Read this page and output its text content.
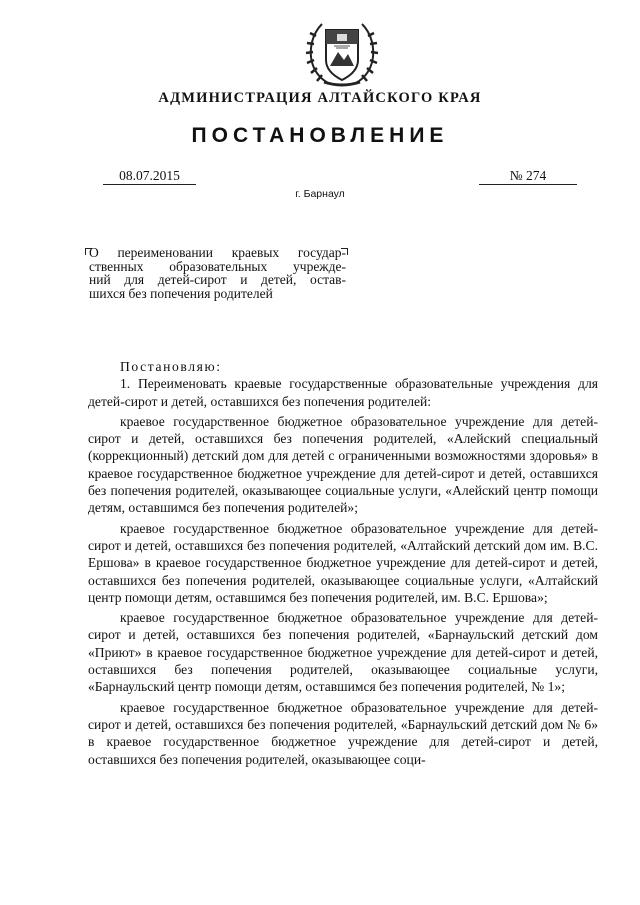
АДМИНИСТРАЦИЯ АЛТАЙСКОГО КРАЯ
ПОСТАНОВЛЕНИЕ
08.07.2015	№ 274
г. Барнаул
О переименовании краевых государ-
ственных образовательных учрежде-
ний для детей-сирот и детей, остав-
шихся без попечения родителей
Постановляю:

1. Переименовать краевые государственные образовательные учреждения для детей-сирот и детей, оставшихся без попечения родителей:

краевое государственное бюджетное образовательное учреждение для детей-сирот и детей, оставшихся без попечения родителей, «Алейский специальный (коррекционный) детский дом для детей с ограниченными возможностями здоровья» в краевое государственное бюджетное учреждение для детей-сирот и детей, оставшихся без попечения родителей, оказывающее социальные услуги, «Алейский центр помощи детям, оставшимся без попечения родителей»;

краевое государственное бюджетное образовательное учреждение для детей-сирот и детей, оставшихся без попечения родителей, «Алтайский детский дом им. В.С. Ершова» в краевое государственное бюджетное учреждение для детей-сирот и детей, оставшихся без попечения родителей, оказывающее социальные услуги, «Алтайский центр помощи детям, оставшимся без попечения родителей, им. В.С. Ершова»;

краевое государственное бюджетное образовательное учреждение для детей-сирот и детей, оставшихся без попечения родителей, «Барнаульский детский дом «Приют» в краевое государственное бюджетное учреждение для детей-сирот и детей, оставшихся без попечения родителей, оказывающее социальные услуги, «Барнаульский центр помощи детям, оставшимся без попечения родителей, № 1»;

краевое государственное бюджетное образовательное учреждение для детей-сирот и детей, оставшихся без попечения родителей, «Барнаульский детский дом № 6» в краевое государственное бюджетное учреждение для детей-сирот и детей, оставшихся без попечения родителей, оказывающее соци-
